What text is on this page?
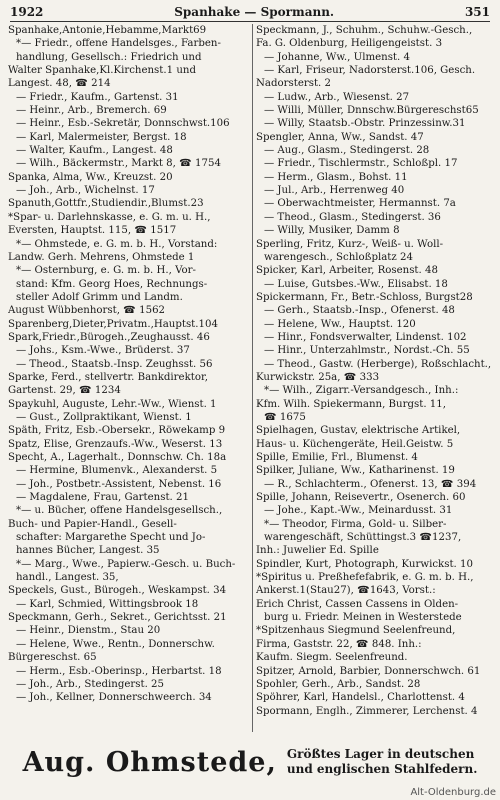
1922	Spanhake — Spormann.	351
Spanhake,Antonie,Hebamme,Markt69
*— Friedr., offene Handelsges., Farben-
handlung, Gesellsch.: Friedrich und
Walter Spanhake,Kl.Kirchenst.1 und
Langest. 48, ☎ 214
— Friedr., Kaufm., Gartenst. 31
— Heinr., Arb., Bremerch. 69
— Heinr., Esb.-Sekretär, Donnschwst.106
— Karl, Malermeister, Bergst. 18
— Walter, Kaufm., Langest. 48
— Wilh., Bäckermstr., Markt 8, ☎ 1754
Spanka, Alma, Ww., Kreuzst. 20
— Joh., Arb., Wichelnst. 17
Spanuth,Gottfr.,Studiendir.,Blumst.23
*Spar- u. Darlehnskasse, e. G. m. u. H.,
Eversten, Hauptst. 115, ☎ 1517
*— Ohmstede, e. G. m. b. H., Vorstand:
Landw. Gerh. Mehrens, Ohmstede 1
*— Osternburg, e. G. m. b. H., Vor-
stand: Kfm. Georg Hoes, Rechnungs-
steller Adolf Grimm und Landm.
August Wübbenhorst, ☎ 1562
Sparenberg,Dieter,Privatm.,Hauptst.104
Spark,Friedr.,Bürogeh.,Zeughausst. 46
— Johs., Ksm.-Wwe., Brüderst. 37
— Theod., Staatsb.-Insp. Zeughsst. 56
Sparke, Ferd., stellvertr. Bankdirektor,
Gartenst. 29, ☎ 1234
Spaykuhl, Auguste, Lehr.-Ww., Wienst. 1
— Gust., Zollpraktikant, Wienst. 1
Späth, Fritz, Esb.-Obersekr., Röwekamp 9
Spatz, Elise, Grenzaufs.-Ww., Weserst. 13
Specht, A., Lagerhalt., Donnschw. Ch. 18a
— Hermine, Blumenvk., Alexanderst. 5
— Joh., Postbetr.-Assistent, Nebenst. 16
— Magdalene, Frau, Gartenst. 21
*— u. Bücher, offene Handelsgesellsch.,
Buch- und Papier-Handl., Gesell-
schafter: Margarethe Specht und Jo-
hannes Bücher, Langest. 35
*— Marg., Wwe., Papierw.-Gesch. u. Buch-
handl., Langest. 35,
Speckels, Gust., Bürogeh., Weskampst. 34
— Karl, Schmied, Wittingsbrook 18
Speckmann, Gerh., Sekret., Gerichtsst. 21
— Heinr., Dienstm., Stau 20
— Helene, Wwe., Rentn., Donnerschw.
Bürgereschst. 65
— Herm., Esb.-Oberinsp., Herbartst. 18
— Joh., Arb., Stedingerst. 25
— Joh., Kellner, Donnerschweerch. 34
Speckmann, J., Schuhm., Schuhw.-Gesch.,
Fa. G. Oldenburg, Heiligengeistst. 3
— Johanne, Ww., Ulmenst. 4
— Karl, Friseur, Nadorsterst.106, Gesch.
Nadorsterst. 2
— Ludw., Arb., Wiesenst. 27
— Willi, Müller, Dnnschw.Bürgereschst65
— Willy, Staatsb.-Obstr. Prinzessinw.31
Spengler, Anna, Ww., Sandst. 47
— Aug., Glasm., Stedingerst. 28
— Friedr., Tischlermstr., Schloßpl. 17
— Herm., Glasm., Bohst. 11
— Jul., Arb., Herrenweg 40
— Oberwachtmeister, Hermannst. 7a
— Theod., Glasm., Stedingerst. 36
— Willy, Musiker, Damm 8
Sperling, Fritz, Kurz-, Weiß- u. Woll-
warengesch., Schloßplatz 24
Spicker, Karl, Arbeiter, Rosenst. 48
— Luise, Gutsbes.-Ww., Elisabst. 18
Spickermann, Fr., Betr.-Schloss, Burgst28
— Gerh., Staatsb.-Insp., Ofenerst. 48
— Helene, Ww., Hauptst. 120
— Hinr., Fondsverwalter, Lindenst. 102
— Hinr., Unterzahlmstr., Nordst.-Ch. 55
— Theod., Gastw. (Herberge), Roßschlacht.,
Kurwickstr. 25a, ☎ 333
*— Wilh., Zigarr.-Versandgesch., Inh.:
Kfm. Wilh. Spiekermann, Burgst. 11,
☎ 1675
Spielhagen, Gustav, elektrische Artikel,
Haus- u. Küchengeräte, Heil.Geistw. 5
Spille, Emilie, Frl., Blumenst. 4
Spilker, Juliane, Ww., Katharinenst. 19
— R., Schlachterm., Ofenerst. 13, ☎ 394
Spille, Johann, Reisevertr., Osenerch. 60
— Johe., Kapt.-Ww., Meinardusst. 31
*— Theodor, Firma, Gold- u. Silber-
warengeschäft, Schüttingst.3 ☎1237,
Inh.: Juwelier Ed. Spille
Spindler, Kurt, Photograph, Kurwickst. 10
*Spiritus u. Preßhefefabrik, e. G. m. b. H.,
Ankerst.1(Stau27), ☎1643, Vorst.:
Erich Christ, Cassen Cassens in Olden-
burg u. Friedr. Meinen in Westerstede
*Spitzenhaus Siegmund Seelenfreund,
Firma, Gaststr. 22, ☎ 848. Inh.:
Kaufm. Siegm. Seelenfreund.
Spitzer, Arnold, Barbier, Donnerschwch. 61
Spohler, Gerh., Arb., Sandst. 28
Spöhrer, Karl, Handelsl., Charlottenst. 4
Spormann, Englh., Zimmerer, Lerchenst. 4
Aug. Ohmstede, Größtes Lager in deutschen
und englischen Stahlfedern.
Alt-Oldenburg.de
